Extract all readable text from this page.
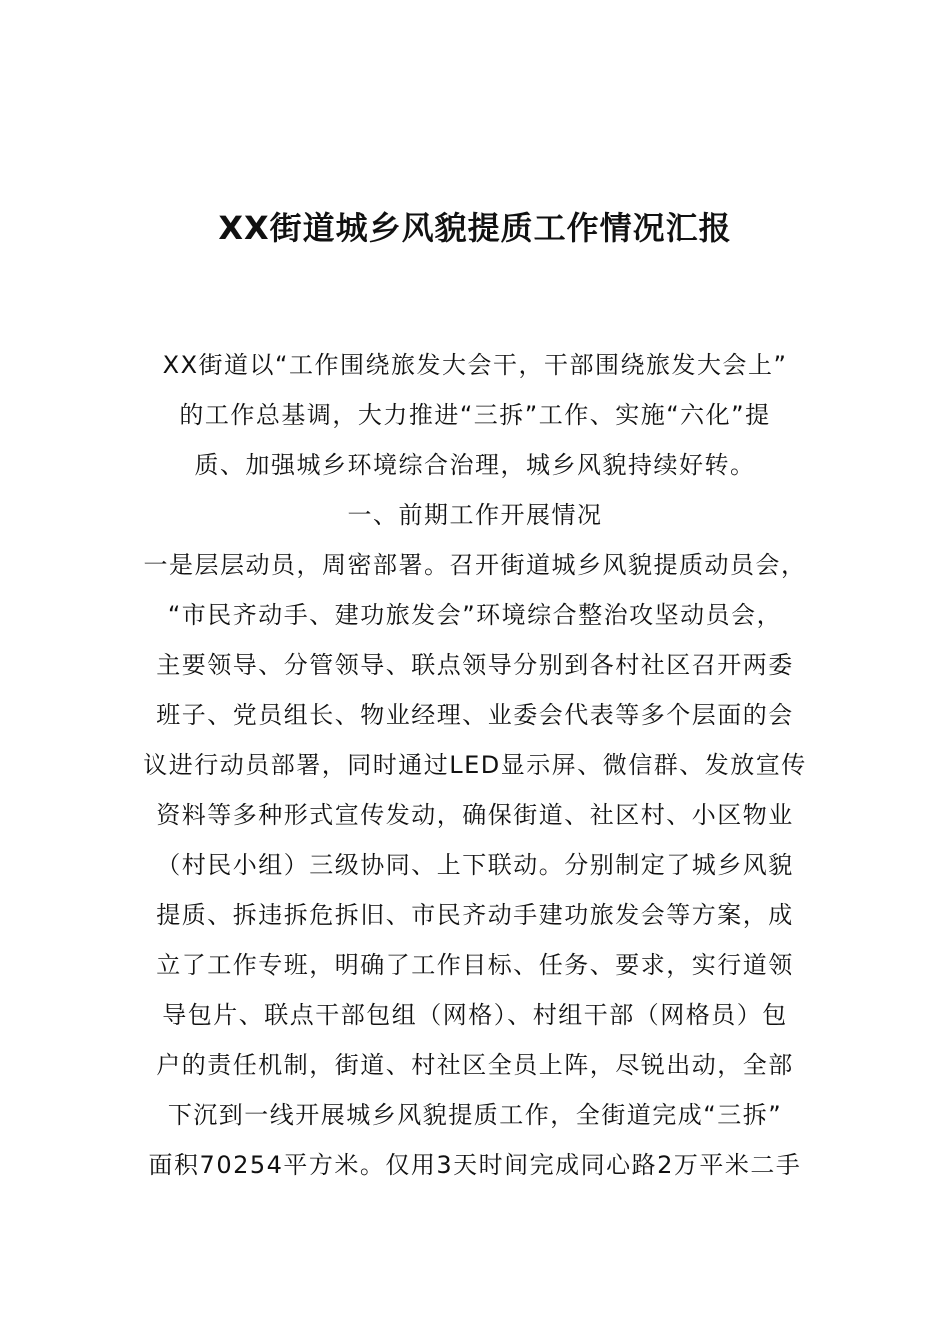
XX街道城乡风貌提质工作情况汇报

XX街道以“工作围绕旅发大会干，干部围绕旅发大会上”

的工作总基调，大力推进“三拆”工作、实施“六化”提

质、加强城乡环境综合治理，城乡风貌持续好转。

一、前期工作开展情况

一是层层动员，周密部署。召开街道城乡风貌提质动员会，

“市民齐动手、建功旅发会”环境综合整治攻坚动员会，

主要领导、分管领导、联点领导分别到各村社区召开两委

班子、党员组长、物业经理、业委会代表等多个层面的会

议进行动员部署，同时通过LED显示屏、微信群、发放宣传

资料等多种形式宣传发动，确保街道、社区村、小区物业

（村民小组）三级协同、上下联动。分别制定了城乡风貌

提质、拆违拆危拆旧、市民齐动手建功旅发会等方案，成

立了工作专班，明确了工作目标、任务、要求，实行道领

导包片、联点干部包组（网格）、村组干部（网格员）包

户的责任机制，街道、村社区全员上阵，尽锐出动，全部

下沉到一线开展城乡风貌提质工作，全街道完成“三拆”

面积70254平方米。仅用3天时间完成同心路2万平米二手
